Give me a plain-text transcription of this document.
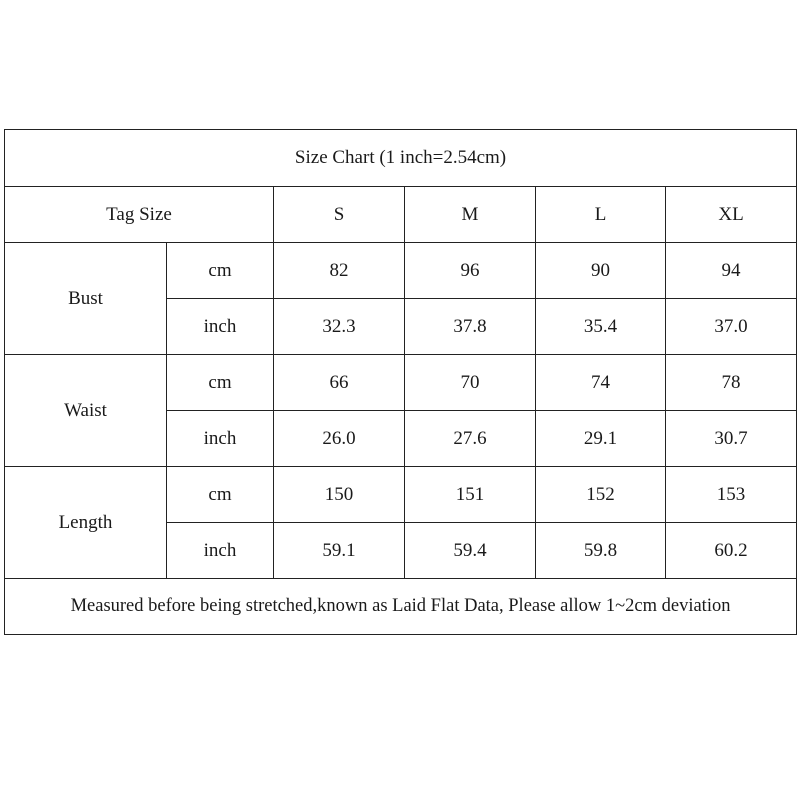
Size Chart (1 inch=2.54cm)					
Tag Size		S	M	L	XL
Bust	cm	82	96	90	94
	inch	32.3	37.8	35.4	37.0
Waist	cm	66	70	74	78
	inch	26.0	27.6	29.1	30.7
Length	cm	150	151	152	153
	inch	59.1	59.4	59.8	60.2
Measured before being stretched,known as Laid Flat Data, Please allow 1~2cm deviation					
